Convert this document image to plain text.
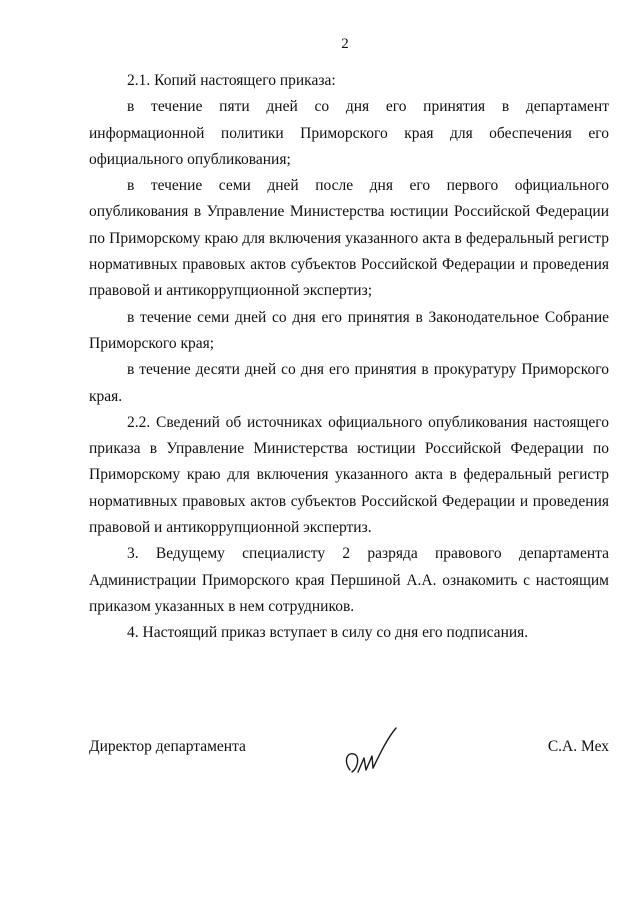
2

2.1. Копий настоящего приказа:

в течение пяти дней со дня его принятия в департамент информационной политики Приморского края для обеспечения его официального опубликования;

в течение семи дней после дня его первого официального опубликования в Управление Министерства юстиции Российской Федерации по Приморскому краю для включения указанного акта в федеральный регистр нормативных правовых актов субъектов Российской Федерации и проведения правовой и антикоррупционной экспертиз;

в течение семи дней со дня его принятия в Законодательное Собрание Приморского края;

в течение десяти дней со дня его принятия в прокуратуру Приморского края.

2.2. Сведений об источниках официального опубликования настоящего приказа в Управление Министерства юстиции Российской Федерации по Приморскому краю для включения указанного акта в федеральный регистр нормативных правовых актов субъектов Российской Федерации и проведения правовой и антикоррупционной экспертиз.

3. Ведущему специалисту 2 разряда правового департамента Администрации Приморского края Першиной А.А. ознакомить с настоящим приказом указанных в нем сотрудников.

4. Настоящий приказ вступает в силу со дня его подписания.

Директор департамента	С.А. Мех
